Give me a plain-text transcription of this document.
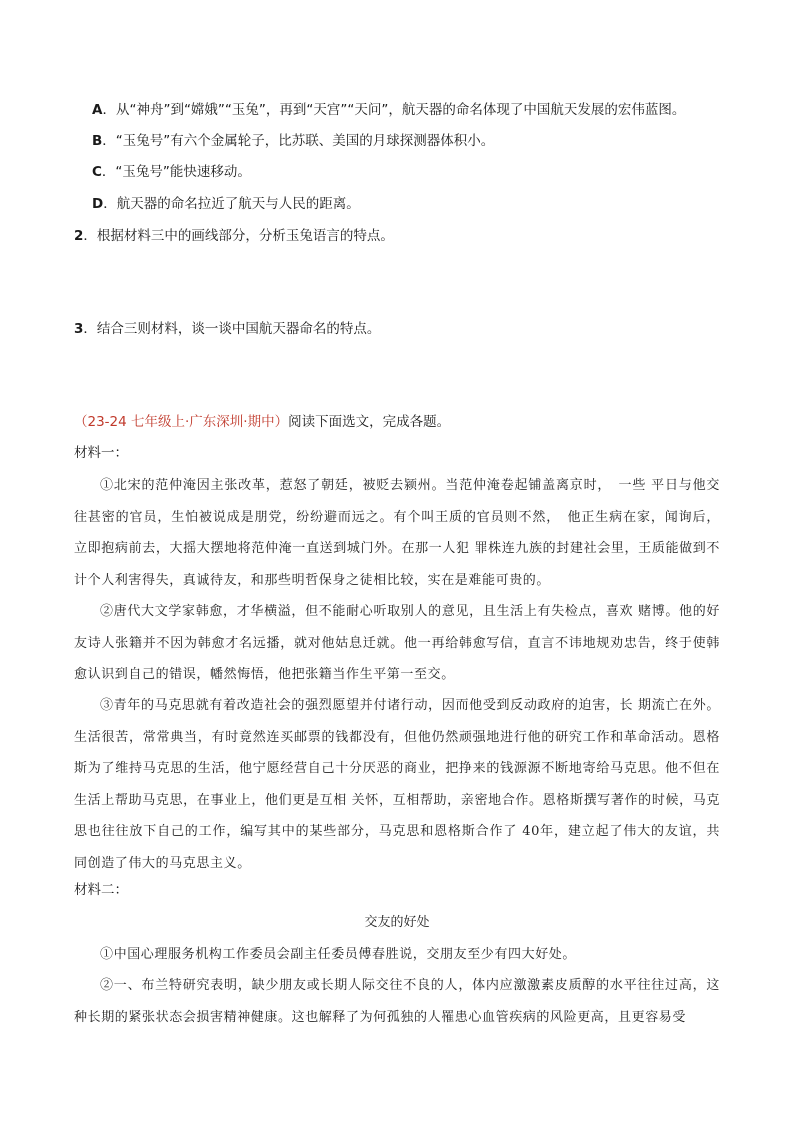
A．从“神舟”到“嫦娥”“玉兔”，再到“天宫”“天问”，航天器的命名体现了中国航天发展的宏伟蓝图。
B．“玉兔号”有六个金属轮子，比苏联、美国的月球探测器体积小。
C．“玉兔号”能快速移动。
D．航天器的命名拉近了航天与人民的距离。
2．根据材料三中的画线部分，分析玉兔语言的特点。
3．结合三则材料，谈一谈中国航天器命名的特点。
（23-24 七年级上·广东深圳·期中）阅读下面选文，完成各题。
材料一：
①北宋的范仲淹因主张改革，惹怒了朝廷，被贬去颍州。当范仲淹卷起铺盖离京时，　一些 平日与他交往甚密的官员，生怕被说成是朋党，纷纷避而远之。有个叫王质的官员则不然，　他正生病在家，闻询后，立即抱病前去，大摇大摆地将范仲淹一直送到城门外。在那一人犯 罪株连九族的封建社会里，王质能做到不计个人利害得失，真诚待友，和那些明哲保身之徒相比较，实在是难能可贵的。
②唐代大文学家韩愈，才华横溢，但不能耐心听取别人的意见，且生活上有失检点，喜欢 赌博。他的好友诗人张籍并不因为韩愈才名远播，就对他姑息迁就。他一再给韩愈写信，直言不讳地规劝忠告，终于使韩愈认识到自己的错误，幡然悔悟，他把张籍当作生平第一至交。
③青年的马克思就有着改造社会的强烈愿望并付诸行动，因而他受到反动政府的迫害，长 期流亡在外。生活很苦，常常典当，有时竟然连买邮票的钱都没有，但他仍然顽强地进行他的研究工作和革命活动。恩格斯为了维持马克思的生活，他宁愿经营自己十分厌恶的商业，把挣来的钱源源不断地寄给马克思。他不但在生活上帮助马克思，在事业上，他们更是互相 关怀，互相帮助，亲密地合作。恩格斯撰写著作的时候，马克思也往往放下自己的工作，编写其中的某些部分，马克思和恩格斯合作了 40年，建立起了伟大的友谊，共同创造了伟大的马克思主义。
材料二：
交友的好处
①中国心理服务机构工作委员会副主任委员傅春胜说，交朋友至少有四大好处。
②一、布兰特研究表明，缺少朋友或长期人际交往不良的人，体内应激激素皮质醇的水平往往过高，这种长期的紧张状态会损害精神健康。这也解释了为何孤独的人罹患心血管疾病的风险更高，且更容易受
